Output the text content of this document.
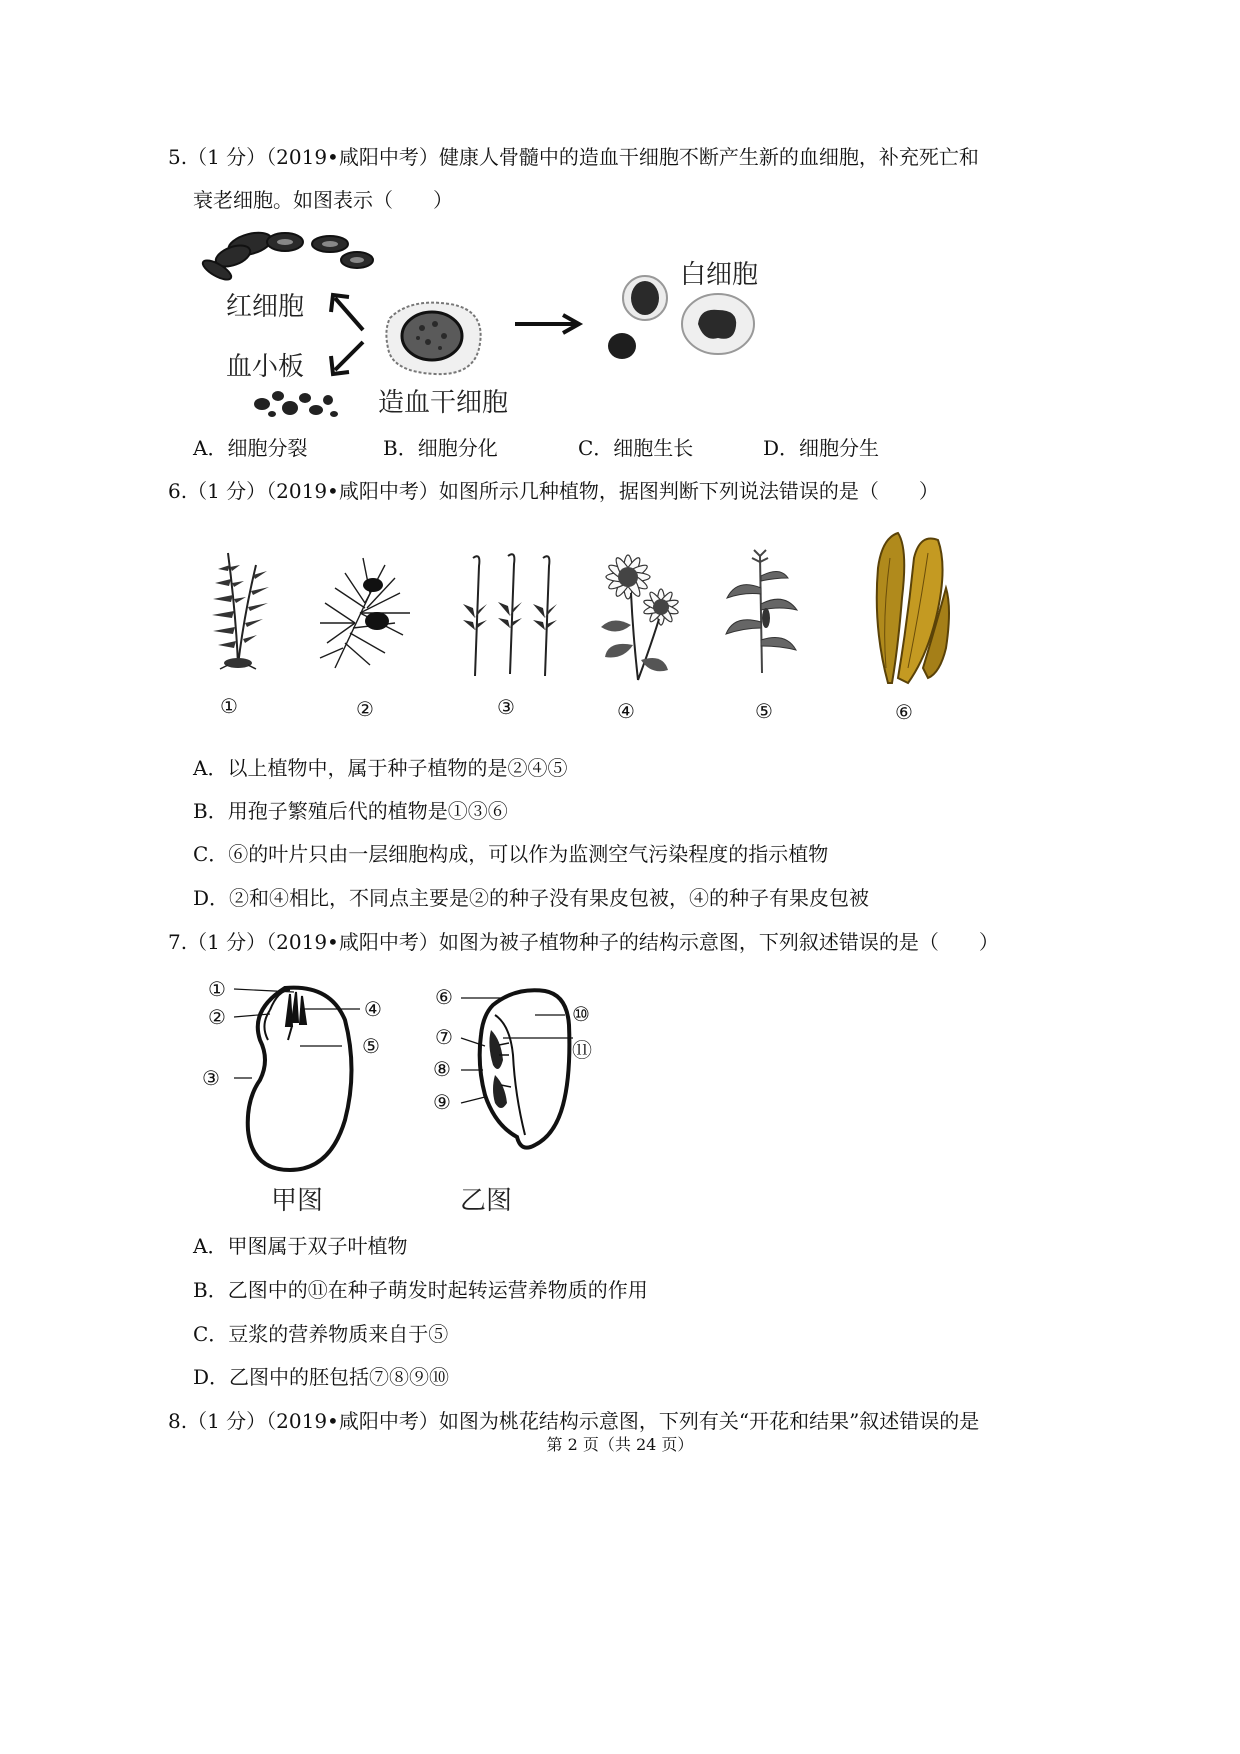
5.（1 分）（2019•咸阳中考）健康人骨髓中的造血干细胞不断产生新的血细胞，补充死亡和
衰老细胞。如图表示（　　）
红细胞
血小板
造血干细胞
白细胞
A．细胞分裂	B．细胞分化	C．细胞生长	D．细胞分生
6.（1 分）（2019•咸阳中考）如图所示几种植物，据图判断下列说法错误的是（　　）
①	②	③	④	⑤	⑥
A．以上植物中，属于种子植物的是②④⑤
B．用孢子繁殖后代的植物是①③⑥
C．⑥的叶片只由一层细胞构成，可以作为监测空气污染程度的指示植物
D．②和④相比，不同点主要是②的种子没有果皮包被，④的种子有果皮包被
7.（1 分）（2019•咸阳中考）如图为被子植物种子的结构示意图，下列叙述错误的是（　　）
①
②
③
④
⑤
甲图
⑥
⑦
⑧
⑨
⑩
⑪
乙图
A．甲图属于双子叶植物
B．乙图中的⑪在种子萌发时起转运营养物质的作用
C．豆浆的营养物质来自于⑤
D．乙图中的胚包括⑦⑧⑨⑩
8.（1 分）（2019•咸阳中考）如图为桃花结构示意图，下列有关“开花和结果”叙述错误的是
第 2 页（共 24 页）
